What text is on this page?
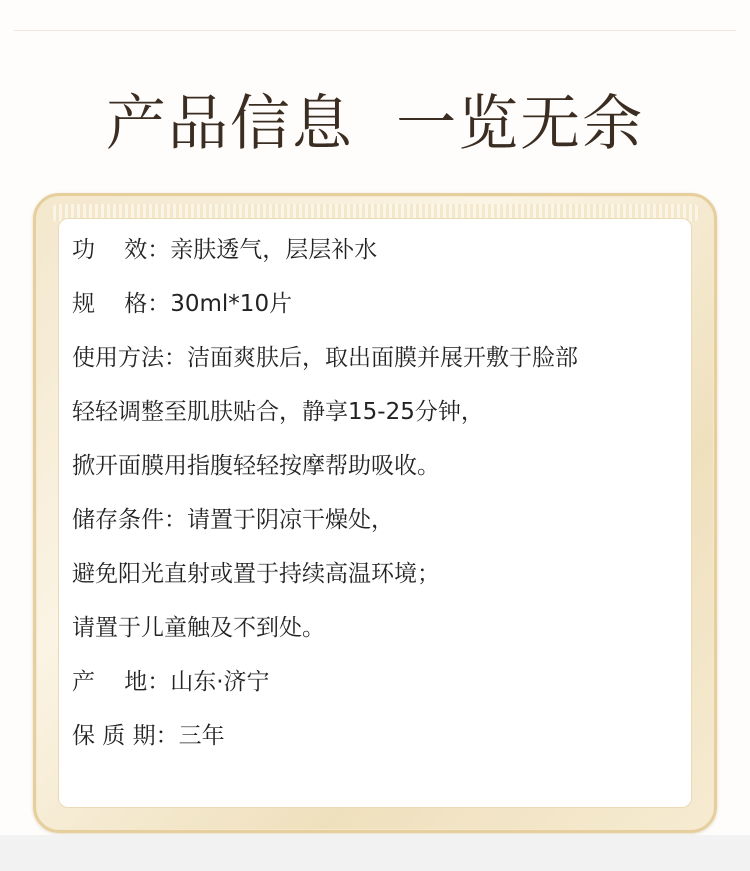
产品信息  一览无余
功    效：亲肤透气，层层补水
规    格：30ml*10片
使用方法：洁面爽肤后，取出面膜并展开敷于脸部
轻轻调整至肌肤贴合，静享15-25分钟，
掀开面膜用指腹轻轻按摩帮助吸收。
储存条件：请置于阴凉干燥处，
避免阳光直射或置于持续高温环境；
请置于儿童触及不到处。
产    地：山东·济宁
保 质 期：三年
